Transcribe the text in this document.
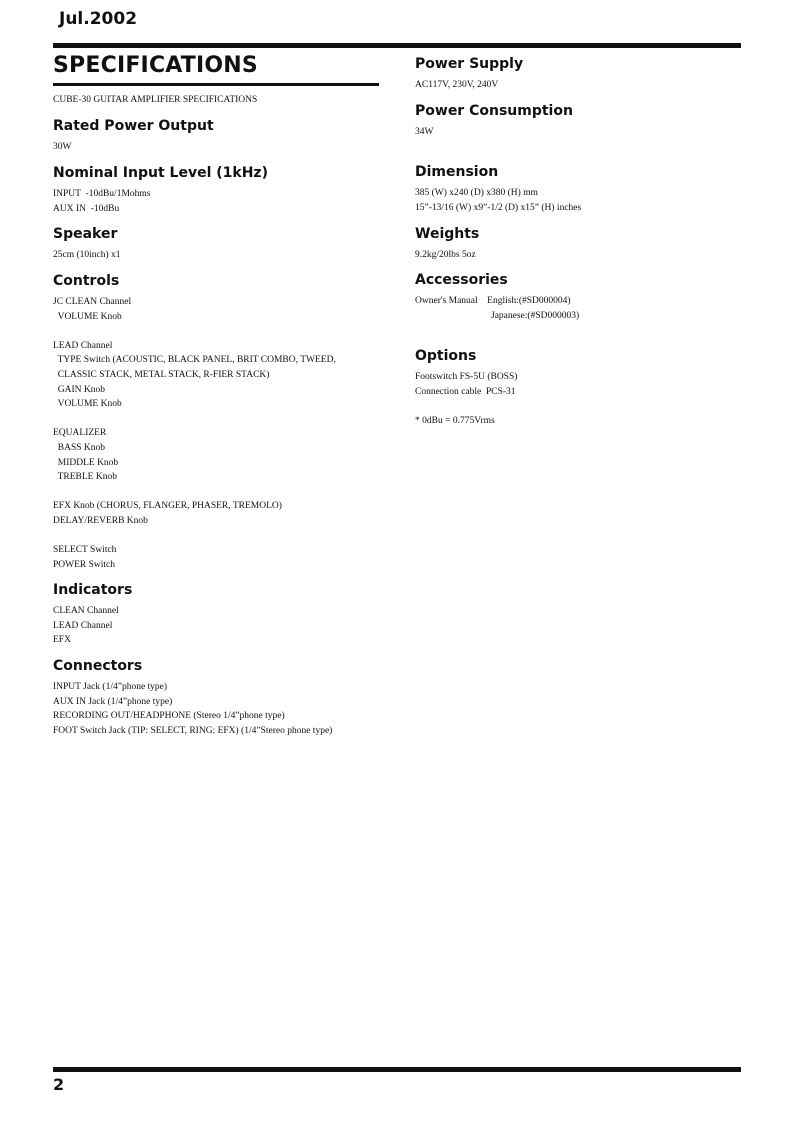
Jul.2002
SPECIFICATIONS
CUBE-30 GUITAR AMPLIFIER SPECIFICATIONS
Rated Power Output
30W
Nominal Input Level (1kHz)
INPUT  -10dBu/1Mohms
AUX IN  -10dBu
Speaker
25cm (10inch) x1
Controls
JC CLEAN Channel
VOLUME Knob
LEAD Channel
TYPE Switch (ACOUSTIC, BLACK PANEL, BRIT COMBO, TWEED,
CLASSIC STACK, METAL STACK, R-FIER STACK)
GAIN Knob
VOLUME Knob
EQUALIZER
BASS Knob
MIDDLE Knob
TREBLE Knob
EFX Knob (CHORUS, FLANGER, PHASER, TREMOLO)
DELAY/REVERB Knob
SELECT Switch
POWER Switch
Indicators
CLEAN Channel
LEAD Channel
EFX
Connectors
INPUT Jack (1/4”phone type)
AUX IN Jack (1/4”phone type)
RECORDING OUT/HEADPHONE (Stereo 1/4”phone type)
FOOT Switch Jack (TIP: SELECT, RING: EFX) (1/4”Stereo phone type)
Power Supply
AC117V, 230V, 240V
Power Consumption
34W
Dimension
385 (W) x240 (D) x380 (H) mm
15”-13/16 (W) x9”-1/2 (D) x15” (H) inches
Weights
9.2kg/20lbs 5oz
Accessories
Owner's Manual    English:(#SD000004)
Japanese:(#SD000003)
Options
Footswitch FS-5U (BOSS)
Connection cable  PCS-31
* 0dBu = 0.775Vrms
2
